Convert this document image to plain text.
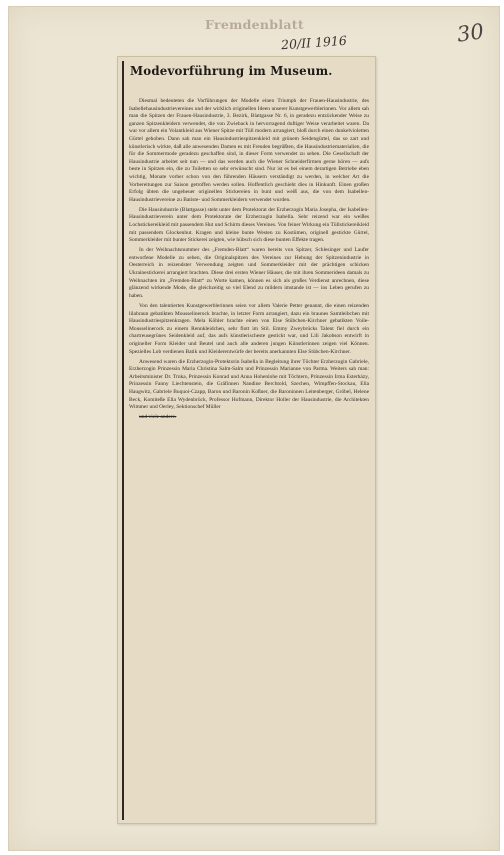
Fremdenblatt
20/II 1916	30
Modevorführung im Museum.

Diesmal bedeuteten die Vorführungen der Modelle einen Triumph der Frauen-Hausindustrie, des Isabellehausindustrievereines und der wirklich originellen Ideen unserer Kunstgewerblerinnen. Vor allem sah man die Spitzen der Frauen-Hausindustrie, 3. Bezirk, Blattgasse Nr. 6, in geradezu entzückender Weise zu ganzen Spitzenkleidern verwendet, die von Zwieback in hervorragend duftiger Weise verarbeitet waren. Da war vor allem ein Volantkleid aus Wiener Spitze mit Tüll modern arrangiert, bloß durch einen dunkelvioletten Gürtel gehoben. Dann sah man ein Hausindustriespitzenkleid mit grünem Seidengürtel, das so zart und künstlerisch wirkte, daß alle anwesenden Damen es mit Freuden begrüßten, die Hausindustriematerialien, die für die Sommermode geradezu geschaffen sind, in dieser Form verwendet zu sehen. Die Gesellschaft der Hausindustrie arbeitet seit nun — und das werden auch die Wiener Schneiderfirmen gerne hören — aufs beste in Spitzen ein, die zu Toiletten so sehr erwünscht sind. Nur ist es bei einem derartigen Betriebe eben wichtig, Monate vorher schon von den führenden Häusern verständigt zu werden, in welcher Art die Vorbereitungen zur Saison getroffen werden sollen. Hoffentlich geschieht dies in Hinkunft. Einen großen Erfolg übten die ungeheuer originellen Stickereien in bunt und weiß aus, die von dem Isabellen-Hausindustrievereine zu Batiste- und Sommerkleidern verwendet wurden.

Die Hausindustrie (Blattgasse) steht unter dem Protektorat der Erzherzogin Maria Josepha, der Isabellen-Hausindustrieverein unter dem Protektorate der Erzherzogin Isabella. Sehr reizend war ein weißes Lochstickereikleid mit passendem Hut und Schirm dieses Vereines. Von feiner Wirkung ein Tüllstickereikleid mit passendem Glockenhut. Kragen und kleine bunte Westen zu Kostümen, originell gestickte Gürtel, Sommerkleider mit bunter Stickerei zeigten, wie hübsch sich diese bunten Effekte tragen.

In der Weihnachtsnummer des „Fremden-Blatt“ waren bereits von Spitzer, Schlesinger und Laufer entworfene Modelle zu sehen, die Originalspitzen des Vereines zur Hebung der Spitzenindustrie in Oesterreich in reizendster Verwendung zeigten und Sommerkleider mit der prächtigen schicken Ukrainestickerei arrangiert brachten. Diese drei ersten Wiener Häuser, die mit ihren Sommerideen damals zu Weihnachten im „Fremden-Blatt“ zu Worte kamen, können es sich als großes Verdienst anrechnen, diese glänzend wirkende Mode, die gleichzeitig so viel Elend zu mildern imstande ist — ins Leben gerufen zu haben.

Von den talentierten Kunstgewerblerinnen seien vor allem Valerie Petter genannt, die einen reizenden lilabraun gebatikten Mousselinerock brachte, in letzter Form arrangiert, dazu ein braunes Samtleibchen mit Hausindustriespitzenkragen. Mela Köhler brachte einen von Else Stübchen-Kirchner gebatikten Voile-Mousselinerock zu einem Rennkleidchen, sehr flott im Stil. Emmy Zweybrücks Talent fiel durch ein chartreusegrünes Seidenkleid auf, das aufs künstlerischeste gestickt war, und Lili Jakobson entwirft in origineller Form Kleider und Beutel und auch alle anderen jungen Künstlerinnen zeigen viel Können. Spezielles Lob verdienen Batik und Kleiderentwürfe der bereits anerkannten Else Stübchen-Kirchner.

Anwesend waren die Erzherzogin-Protektorin Isabella in Begleitung ihrer Töchter Erzherzogin Gabriele, Erzherzogin Prinzessin Maria Christina Salm-Salm und Prinzessin Marianne von Parma. Weiters sah man: Arbeitsminister Dr. Trnka, Prinzessin Konrad und Anna Hohenlohe mit Töchtern, Prinzessin Irma Esterházy, Prinzessin Fanny Liechtenstein, die Gräfinnen Nandine Berchtold, Szechen, Wimpffen-Stockau, Ella Haugwitz, Gabriele Buquoi-Czapp, Baron und Baronin Koßner, die Baroninnen Leitenberger, Gröbel, Helene Beck, Komiteße Ella Wydenbrück, Professor Hofmann, Direktor Holler der Hausindustrie, die Architekten Wimmer und Oerley, Sektionschef Müller

und viele andere.
